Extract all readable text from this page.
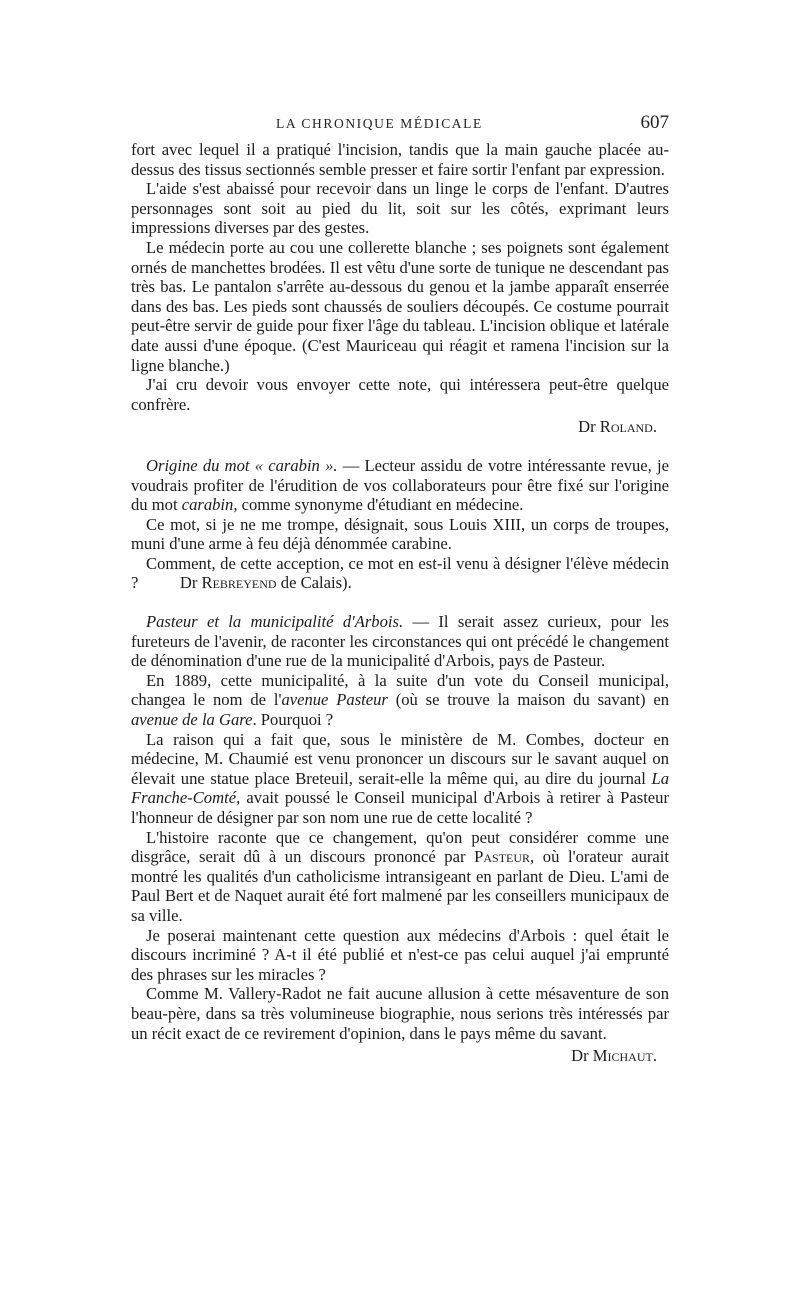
LA CHRONIQUE MÉDICALE	607

fort avec lequel il a pratiqué l'incision, tandis que la main gauche placée au-dessus des tissus sectionnés semble presser et faire sortir l'enfant par expression.

L'aide s'est abaissé pour recevoir dans un linge le corps de l'enfant. D'autres personnages sont soit au pied du lit, soit sur les côtés, exprimant leurs impressions diverses par des gestes.

Le médecin porte au cou une collerette blanche ; ses poignets sont également ornés de manchettes brodées. Il est vêtu d'une sorte de tunique ne descendant pas très bas. Le pantalon s'arrête au-dessous du genou et la jambe apparaît enserrée dans des bas. Les pieds sont chaussés de souliers découpés. Ce costume pourrait peut-être servir de guide pour fixer l'âge du tableau. L'incision oblique et latérale date aussi d'une époque. (C'est Mauriceau qui réagit et ramena l'incision sur la ligne blanche.)

J'ai cru devoir vous envoyer cette note, qui intéressera peut-être quelque confrère.

Dr Roland.

Origine du mot « carabin ». — Lecteur assidu de votre intéressante revue, je voudrais profiter de l'érudition de vos collaborateurs pour être fixé sur l'origine du mot carabin, comme synonyme d'étudiant en médecine.

Ce mot, si je ne me trompe, désignait, sous Louis XIII, un corps de troupes, muni d'une arme à feu déjà dénommée carabine.

Comment, de cette acception, ce mot en est-il venu à désigner l'élève médecin ? Dr Rebreyend de Calais).

Pasteur et la municipalité d'Arbois. — Il serait assez curieux, pour les fureteurs de l'avenir, de raconter les circonstances qui ont précédé le changement de dénomination d'une rue de la municipalité d'Arbois, pays de Pasteur.

En 1889, cette municipalité, à la suite d'un vote du Conseil municipal, changea le nom de l'avenue Pasteur (où se trouve la maison du savant) en avenue de la Gare. Pourquoi ?

La raison qui a fait que, sous le ministère de M. Combes, docteur en médecine, M. Chaumié est venu prononcer un discours sur le savant auquel on élevait une statue place Breteuil, serait-elle la même qui, au dire du journal La Franche-Comté, avait poussé le Conseil municipal d'Arbois à retirer à Pasteur l'honneur de désigner par son nom une rue de cette localité ?

L'histoire raconte que ce changement, qu'on peut considérer comme une disgrâce, serait dû à un discours prononcé par Pasteur, où l'orateur aurait montré les qualités d'un catholicisme intransigeant en parlant de Dieu. L'ami de Paul Bert et de Naquet aurait été fort malmené par les conseillers municipaux de sa ville.

Je poserai maintenant cette question aux médecins d'Arbois : quel était le discours incriminé ? A-t il été publié et n'est-ce pas celui auquel j'ai emprunté des phrases sur les miracles ?

Comme M. Vallery-Radot ne fait aucune allusion à cette mésaventure de son beau-père, dans sa très volumineuse biographie, nous serions très intéressés par un récit exact de ce revirement d'opinion, dans le pays même du savant.

Dr Michaut.
